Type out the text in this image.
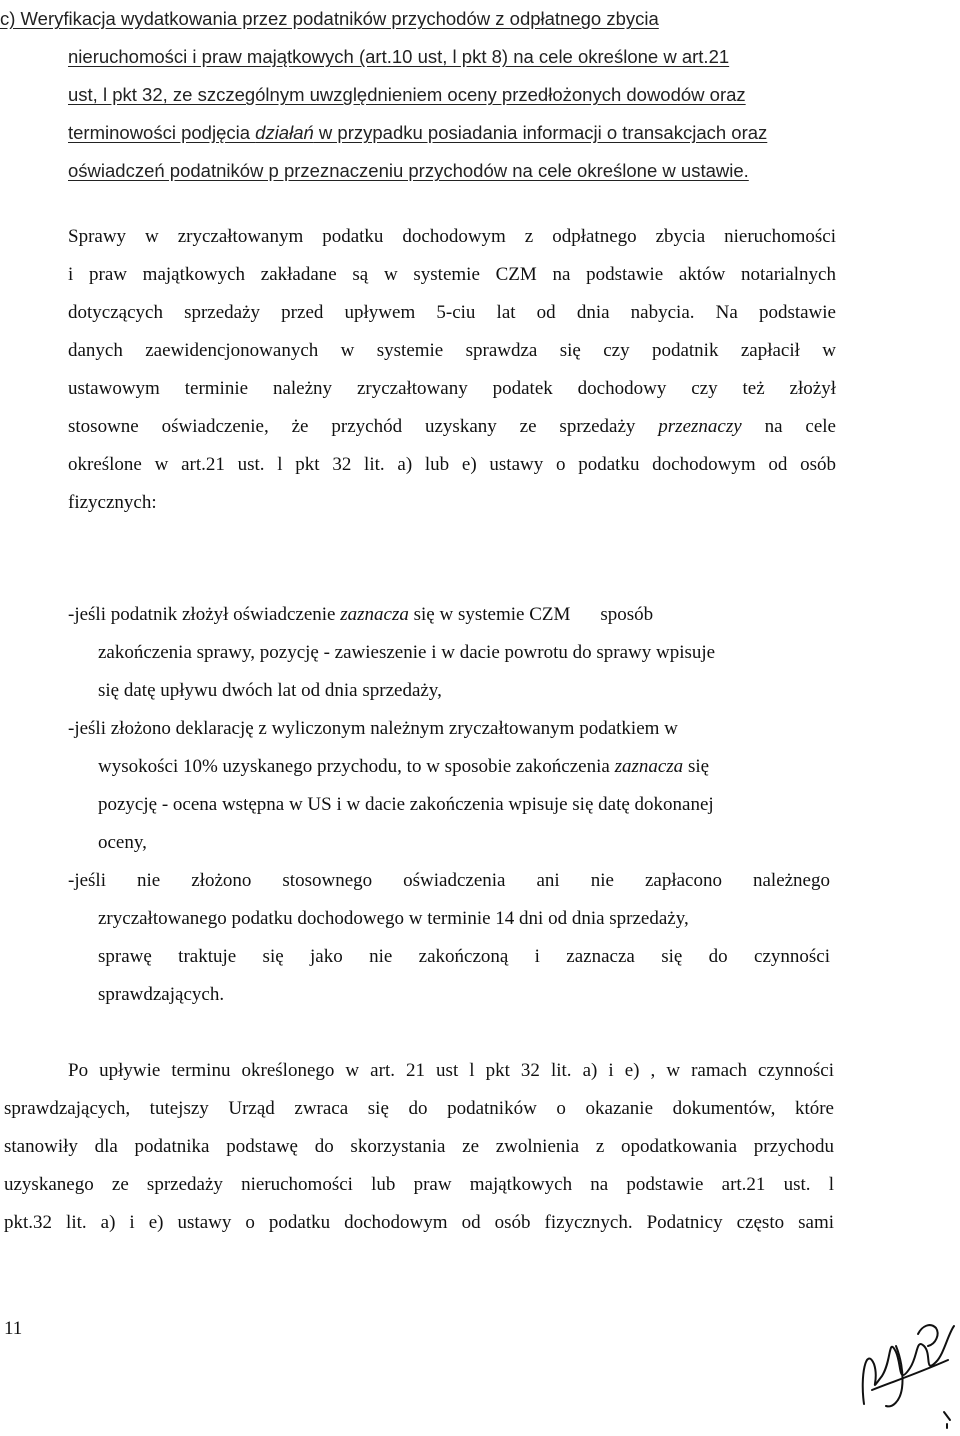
c) Weryfikacja wydatkowania przez podatników przychodów z odpłatnego zbycia
nieruchomości i praw majątkowych (art.10 ust, l pkt 8) na cele określone w art.21
ust, l pkt 32, ze szczególnym uwzględnieniem oceny przedłożonych dowodów oraz
terminowości podjęcia działań w przypadku posiadania informacji o transakcjach oraz
oświadczeń podatników p przeznaczeniu przychodów na cele określone w ustawie.
Sprawy w zryczałtowanym podatku dochodowym z odpłatnego zbycia nieruchomości
i praw majątkowych zakładane są w systemie CZM na podstawie aktów notarialnych
dotyczących sprzedaży przed upływem 5-ciu lat od dnia nabycia. Na podstawie
danych zaewidencjonowanych w systemie sprawdza się czy podatnik zapłacił w
ustawowym terminie należny zryczałtowany podatek dochodowy czy też złożył
stosowne oświadczenie, że przychód uzyskany ze sprzedaży przeznaczy na cele
określone w art.21 ust. l pkt 32 lit. a) lub e) ustawy o podatku dochodowym od osób
fizycznych:
-jeśli podatnik złożył oświadczenie zaznacza się w systemie CZM sposób
zakończenia sprawy, pozycję - zawieszenie i w dacie powrotu do sprawy wpisuje
się datę upływu dwóch lat od dnia sprzedaży,
-jeśli złożono deklarację z wyliczonym należnym zryczałtowanym podatkiem w
wysokości 10% uzyskanego przychodu, to w sposobie zakończenia zaznacza się
pozycję - ocena wstępna w US i w dacie zakończenia wpisuje się datę dokonanej
oceny,
-jeśli nie złożono stosownego oświadczenia ani nie zapłacono należnego
zryczałtowanego podatku dochodowego w terminie 14 dni od dnia sprzedaży,
sprawę traktuje się jako nie zakończoną i zaznacza się do czynności
sprawdzających.
Po upływie terminu określonego w art. 21 ust l pkt 32 lit. a) i e) , w ramach czynności
sprawdzających, tutejszy Urząd zwraca się do podatników o okazanie dokumentów, które
stanowiły dla podatnika podstawę do skorzystania ze zwolnienia z opodatkowania przychodu
uzyskanego ze sprzedaży nieruchomości lub praw majątkowych na podstawie art.21 ust. l
pkt.32 lit. a) i e) ustawy o podatku dochodowym od osób fizycznych. Podatnicy często sami
11
